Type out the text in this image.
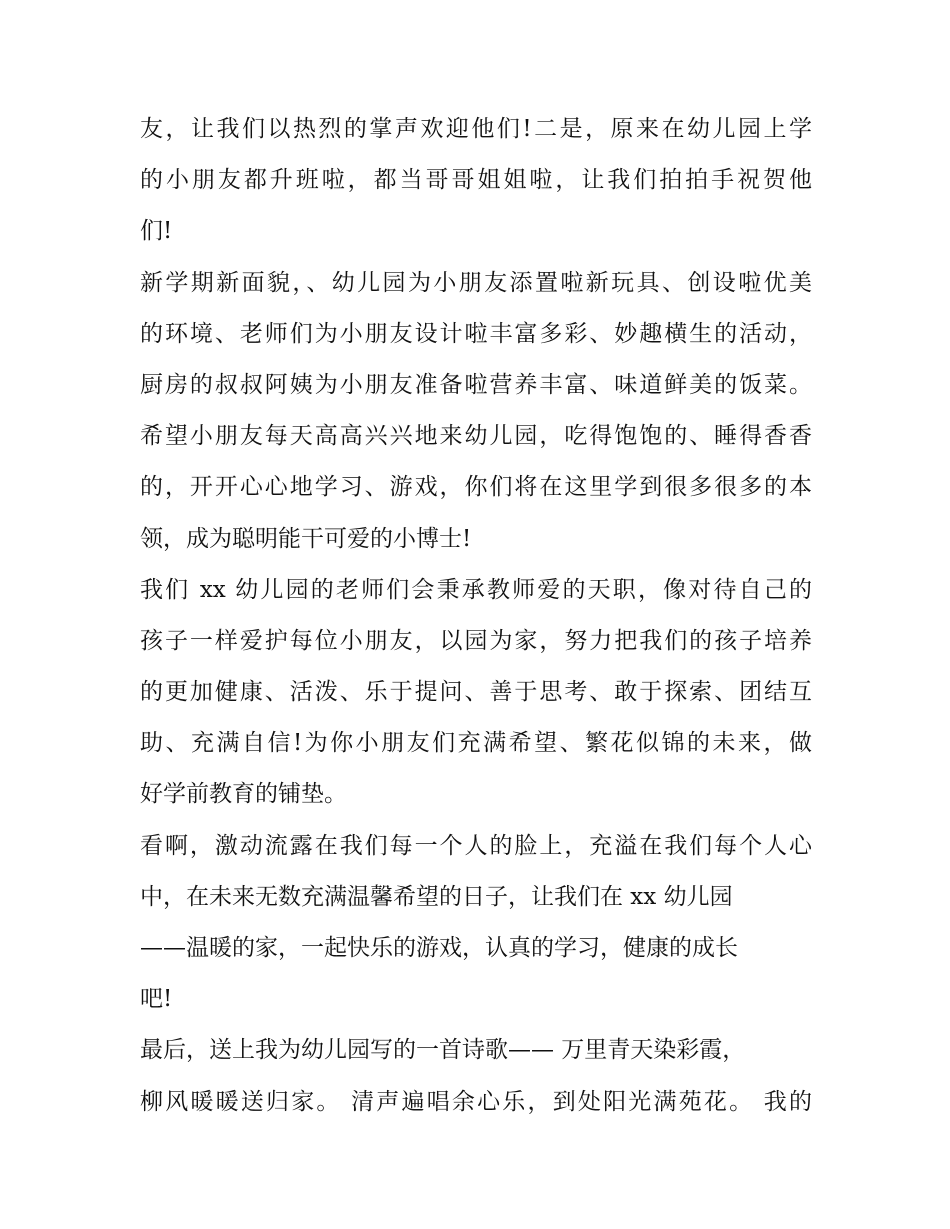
友，让我们以热烈的掌声欢迎他们!二是，原来在幼儿园上学
的小朋友都升班啦，都当哥哥姐姐啦，让我们拍拍手祝贺他
们!
新学期新面貌，、幼儿园为小朋友添置啦新玩具、创设啦优美
的环境、老师们为小朋友设计啦丰富多彩、妙趣横生的活动，
厨房的叔叔阿姨为小朋友准备啦营养丰富、味道鲜美的饭菜。
希望小朋友每天高高兴兴地来幼儿园，吃得饱饱的、睡得香香
的，开开心心地学习、游戏，你们将在这里学到很多很多的本
领，成为聪明能干可爱的小博士!
我们 xx 幼儿园的老师们会秉承教师爱的天职，像对待自己的
孩子一样爱护每位小朋友，以园为家，努力把我们的孩子培养
的更加健康、活泼、乐于提问、善于思考、敢于探索、团结互
助、充满自信!为你小朋友们充满希望、繁花似锦的未来，做
好学前教育的铺垫。
看啊，激动流露在我们每一个人的脸上，充溢在我们每个人心
中，在未来无数充满温馨希望的日子，让我们在 xx 幼儿园
——温暖的家，一起快乐的游戏，认真的学习，健康的成长
吧!
最后，送上我为幼儿园写的一首诗歌—— 万里青天染彩霞，
柳风暖暖送归家。 清声遍唱余心乐，到处阳光满苑花。 我的
